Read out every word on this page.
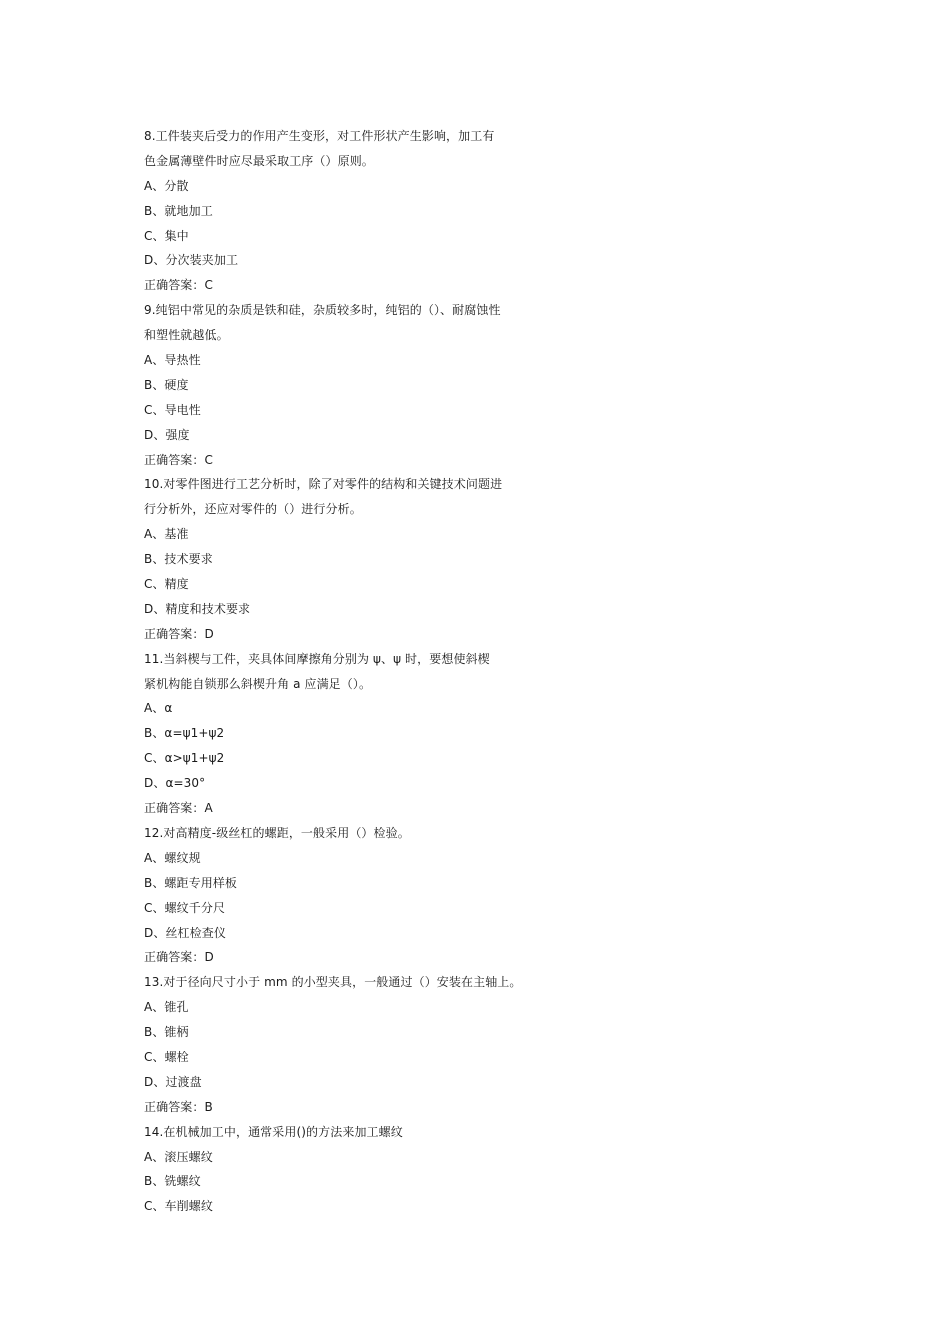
8.工件装夹后受力的作用产生变形，对工件形状产生影响，加工有
色金属薄壁件时应尽最采取工序（）原则。
A、分散
B、就地加工
C、集中
D、分次装夹加工
正确答案：C
9.纯铝中常见的杂质是铁和硅，杂质较多时，纯铝的（）、耐腐蚀性
和塑性就越低。
A、导热性
B、硬度
C、导电性
D、强度
正确答案：C
10.对零件图进行工艺分析时，除了对零件的结构和关键技术问题进
行分析外，还应对零件的（）进行分析。
A、基准
B、技术要求
C、精度
D、精度和技术要求
正确答案：D
11.当斜楔与工件，夹具体间摩擦角分别为 ψ、ψ 时，要想使斜楔
紧机构能自锁那么斜楔升角 a 应满足（）。
A、α
B、α=ψ1+ψ2
C、α>ψ1+ψ2
D、α=30°
正确答案：A
12.对高精度-级丝杠的螺距，一般采用（）检验。
A、螺纹规
B、螺距专用样板
C、螺纹千分尺
D、丝杠检查仪
正确答案：D
13.对于径向尺寸小于 mm 的小型夹具，一般通过（）安装在主轴上。
A、锥孔
B、锥柄
C、螺栓
D、过渡盘
正确答案：B
14.在机械加工中，通常采用()的方法来加工螺纹
A、滚压螺纹
B、铣螺纹
C、车削螺纹
